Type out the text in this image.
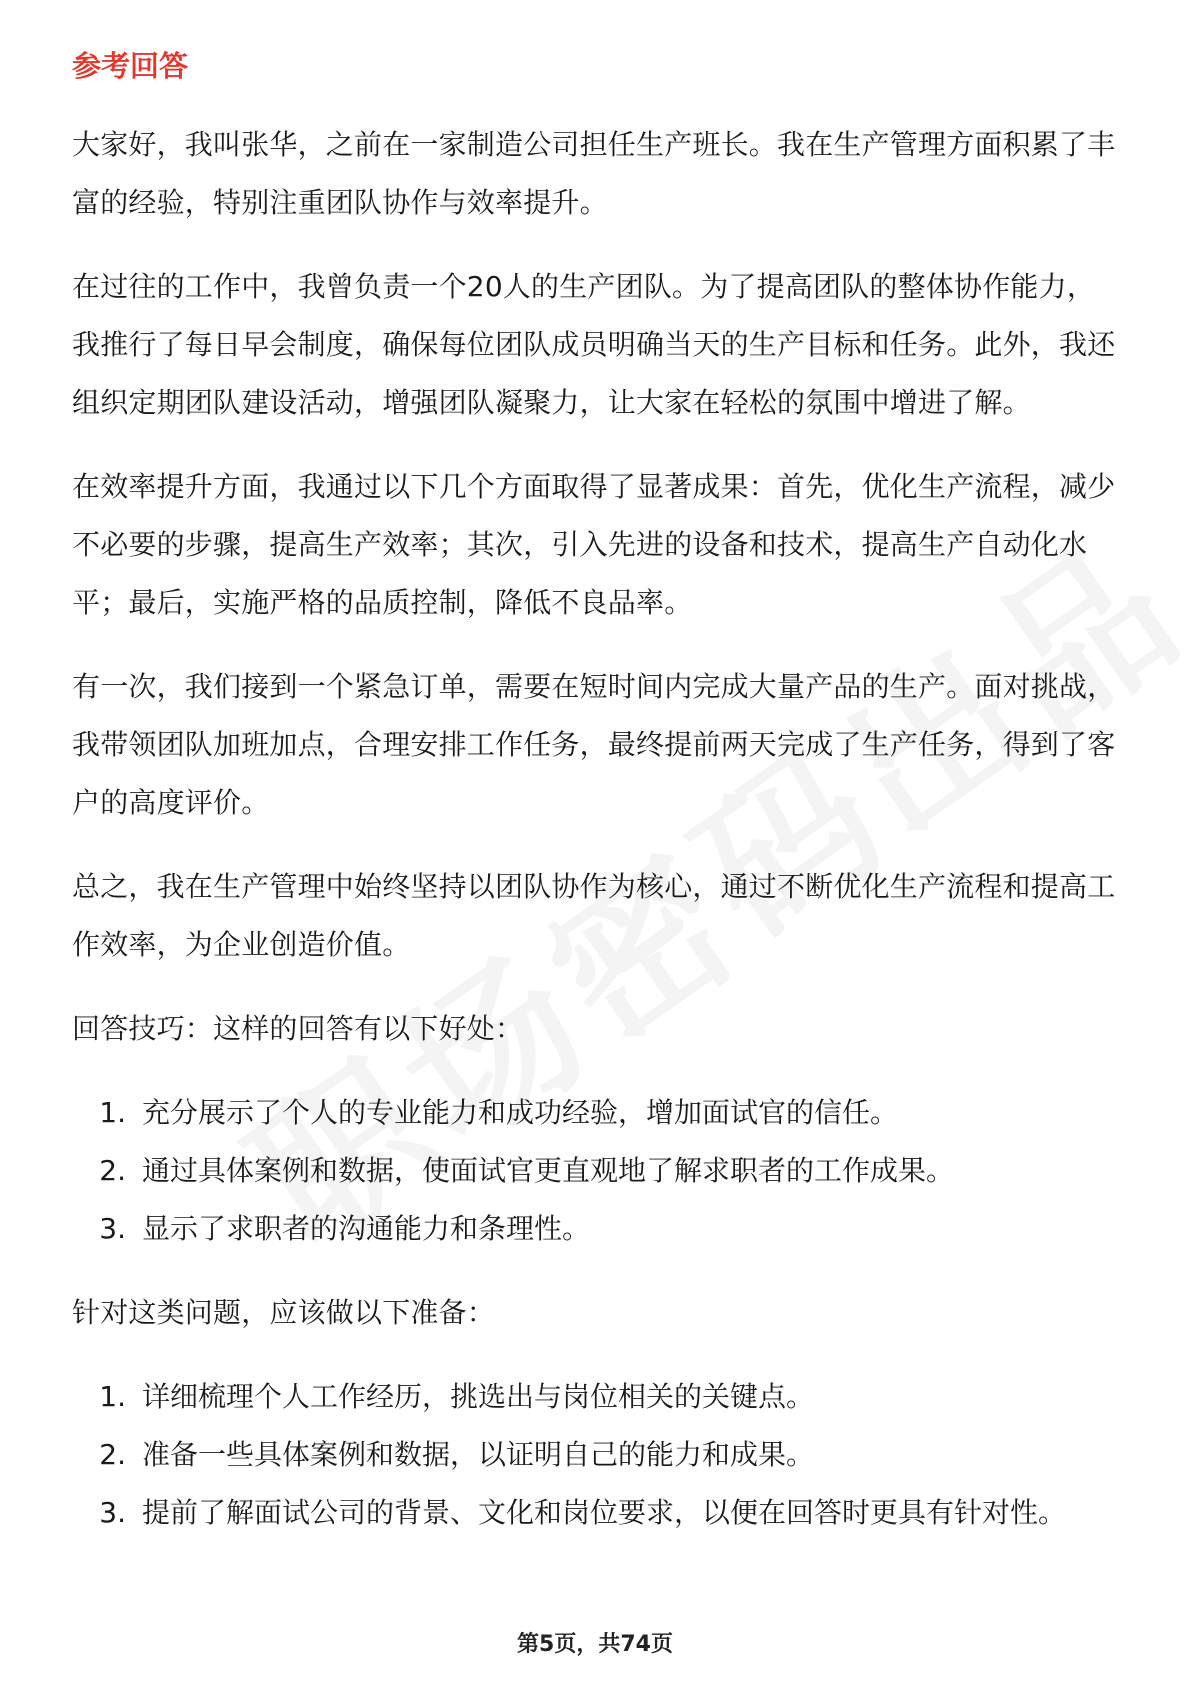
参考回答

大家好，我叫张华，之前在一家制造公司担任生产班长。我在生产管理方面积累了丰富的经验，特别注重团队协作与效率提升。

在过往的工作中，我曾负责一个20人的生产团队。为了提高团队的整体协作能力，我推行了每日早会制度，确保每位团队成员明确当天的生产目标和任务。此外，我还组织定期团队建设活动，增强团队凝聚力，让大家在轻松的氛围中增进了解。

在效率提升方面，我通过以下几个方面取得了显著成果：首先，优化生产流程，减少不必要的步骤，提高生产效率；其次，引入先进的设备和技术，提高生产自动化水平；最后，实施严格的品质控制，降低不良品率。

有一次，我们接到一个紧急订单，需要在短时间内完成大量产品的生产。面对挑战，我带领团队加班加点，合理安排工作任务，最终提前两天完成了生产任务，得到了客户的高度评价。

总之，我在生产管理中始终坚持以团队协作为核心，通过不断优化生产流程和提高工作效率，为企业创造价值。

回答技巧：这样的回答有以下好处：

1. 充分展示了个人的专业能力和成功经验，增加面试官的信任。
2. 通过具体案例和数据，使面试官更直观地了解求职者的工作成果。
3. 显示了求职者的沟通能力和条理性。

针对这类问题，应该做以下准备：

1. 详细梳理个人工作经历，挑选出与岗位相关的关键点。
2. 准备一些具体案例和数据，以证明自己的能力和成果。
3. 提前了解面试公司的背景、文化和岗位要求，以便在回答时更具有针对性。
第5页，共74页
